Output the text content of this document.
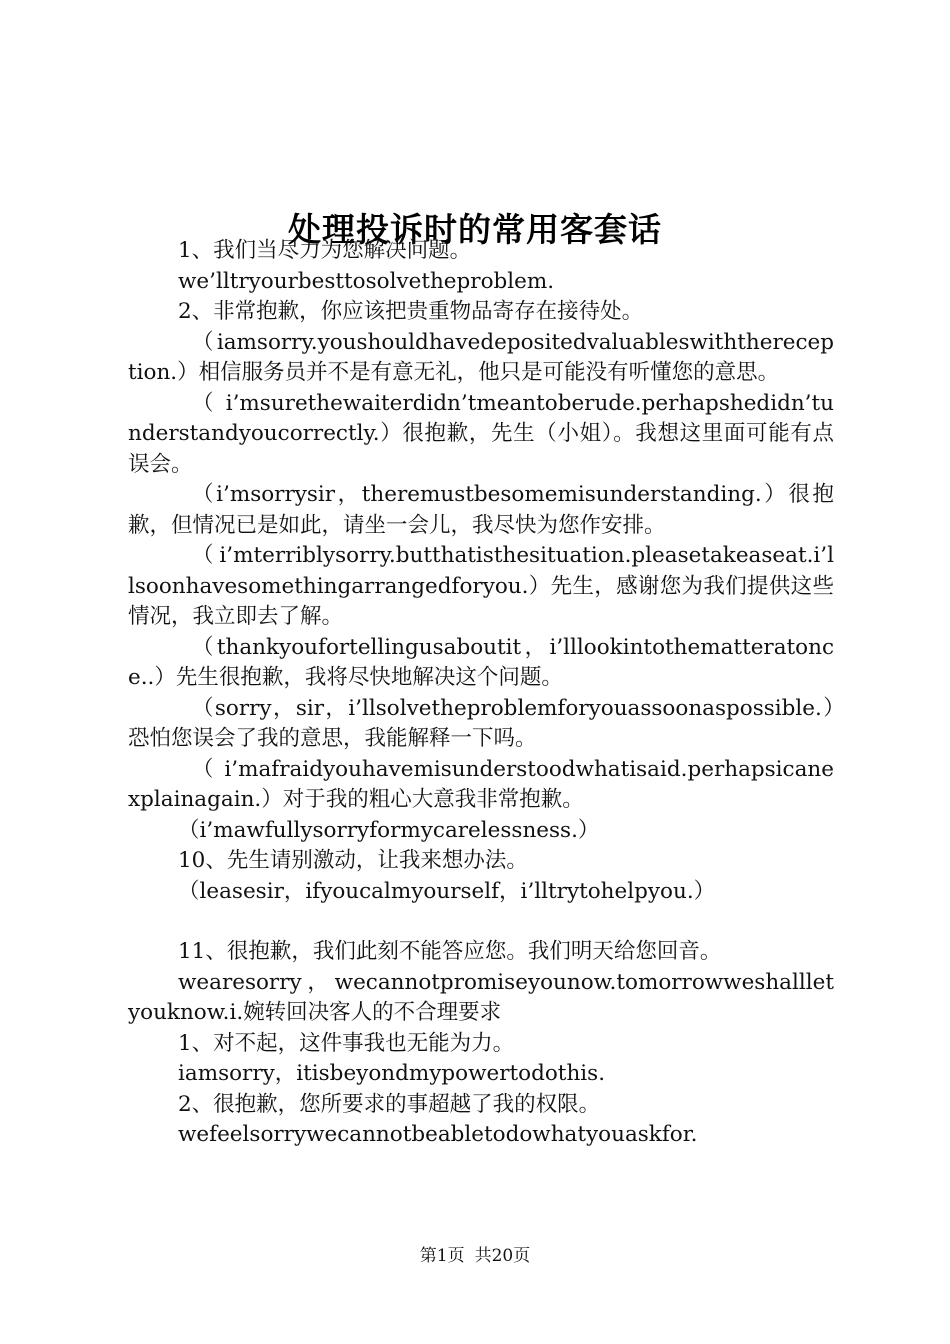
处理投诉时的常用客套话

1、我们当尽力为您解决问题。

we’lltryourbesttosolvetheproblem.

2、非常抱歉，你应该把贵重物品寄存在接待处。

（iamsorry.youshouldhavedepositedvaluableswiththereception.）相信服务员并不是有意无礼，他只是可能没有听懂您的意思。

（i’msurethewaiterdidn’tmeantoberude.perhapshedidn’tunderstandyoucorrectly.）很抱歉，先生（小姐）。我想这里面可能有点误会。

（i’msorrysir，theremustbesomemisunderstanding.）很抱歉，但情况已是如此，请坐一会儿，我尽快为您作安排。

（i’mterriblysorry.butthatisthesituation.pleasetakeaseat.i’llsoonhavesomethingarrangedforyou.）先生，感谢您为我们提供这些情况，我立即去了解。

（thankyoufortellingusaboutit，i’lllookintothematteratonce..）先生很抱歉，我将尽快地解决这个问题。

（sorry，sir，i’llsolvetheproblemforyouassoonaspossible.）恐怕您误会了我的意思，我能解释一下吗。

（i’mafraidyouhavemisunderstoodwhatisaid.perhapsicanexplainagain.）对于我的粗心大意我非常抱歉。

（i’mawfullysorryformycarelessness.）

10、先生请别激动，让我来想办法。

（leasesir，ifyoucalmyourself，i’lltrytohelpyou.）

11、很抱歉，我们此刻不能答应您。我们明天给您回音。

wearesorry，wecannotpromiseyounow.tomorrowweshallletyouknow.i.婉转回决客人的不合理要求

1、对不起，这件事我也无能为力。

iamsorry，itisbeyondmypowertodothis.

2、很抱歉，您所要求的事超越了我的权限。

wefeelsorrywecannotbeabletodowhatyouaskfor.

第1页 共20页
